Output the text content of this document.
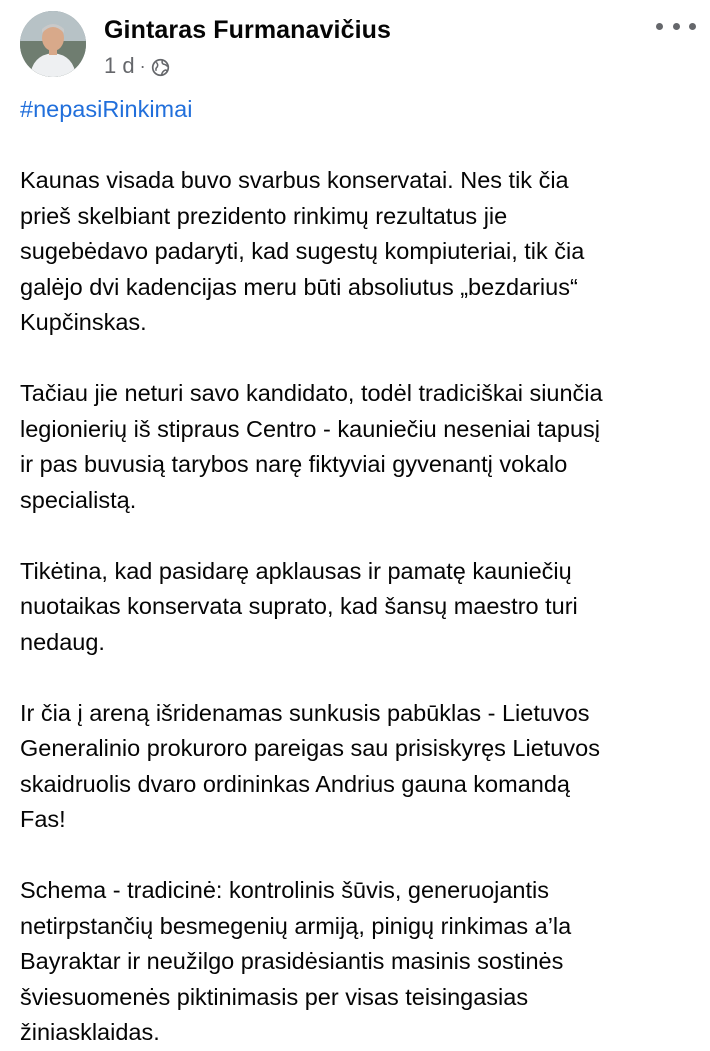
Gintaras Furmanavičius
1 d ·
#nepasiRinkimai

Kaunas visada buvo svarbus konservatai. Nes tik čia
prieš skelbiant prezidento rinkimų rezultatus jie
sugebėdavo padaryti, kad sugestų kompiuteriai, tik čia
galėjo dvi kadencijas meru būti absoliutus „bezdarius“
Kupčinskas.

Tačiau jie neturi savo kandidato, todėl tradiciškai siunčia
legionierių iš stipraus Centro - kauniečiu neseniai tapusį
ir pas buvusią tarybos narę fiktyviai gyvenantį vokalo
specialistą.

Tikėtina, kad pasidarę apklausas ir pamatę kauniečių
nuotaikas konservata suprato, kad šansų maestro turi
nedaug.

Ir čia į areną išridenamas sunkusis pabūklas - Lietuvos
Generalinio prokuroro pareigas sau prisiskyręs Lietuvos
skaidruolis dvaro ordininkas Andrius gauna komandą
Fas!

Schema - tradicinė: kontrolinis šūvis, generuojantis
netirpstančių besmegenių armiją, pinigų rinkimas a’la
Bayraktar ir neužilgo prasidėsiantis masinis sostinės
šviesuomenės piktinimasis per visas teisingasias
žiniasklaidas.
